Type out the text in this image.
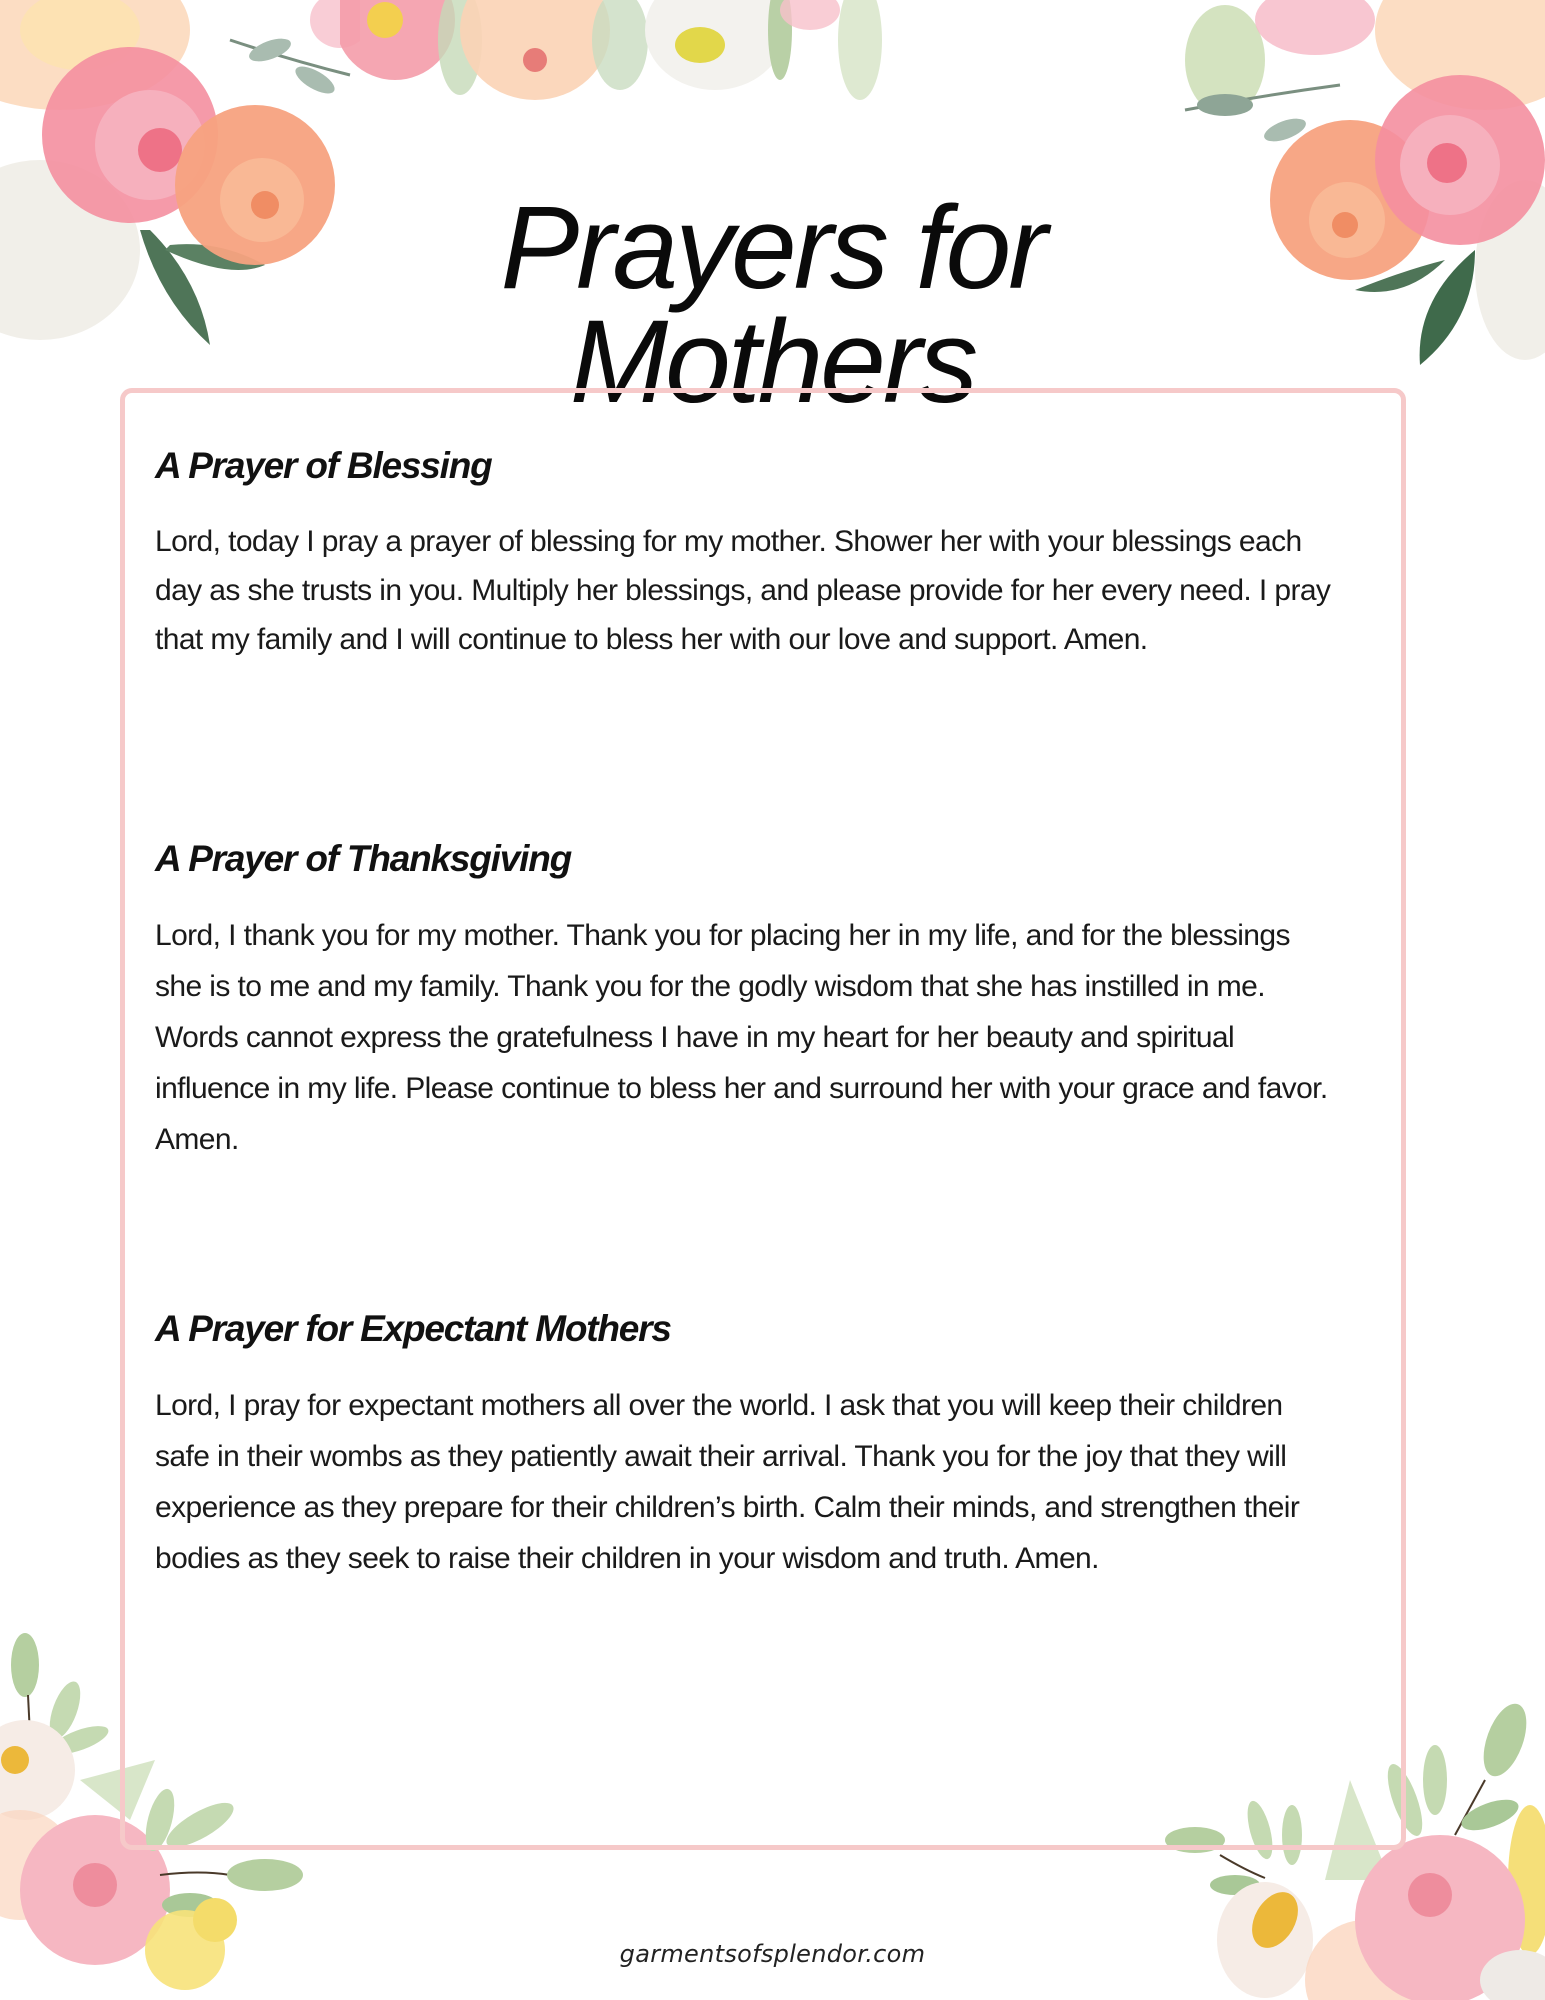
Prayers for
Mothers
A Prayer of Blessing

Lord, today I pray a prayer of blessing for my mother. Shower her with your blessings each day as she trusts in you. Multiply her blessings, and please provide for her every need. I pray that my family and I will continue to bless her with our love and support. Amen.

A Prayer of Thanksgiving

Lord, I thank you for my mother. Thank you for placing her in my life, and for the blessings she is to me and my family. Thank you for the godly wisdom that she has instilled in me. Words cannot express the gratefulness I have in my heart for her beauty and spiritual influence in my life. Please continue to bless her and surround her with your grace and favor. Amen.

A Prayer for Expectant Mothers

Lord, I pray for expectant mothers all over the world. I ask that you will keep their children safe in their wombs as they patiently await their arrival. Thank you for the joy that they will experience as they prepare for their children’s birth. Calm their minds, and strengthen their bodies as they seek to raise their children in your wisdom and truth. Amen.

garmentsofsplendor.com
